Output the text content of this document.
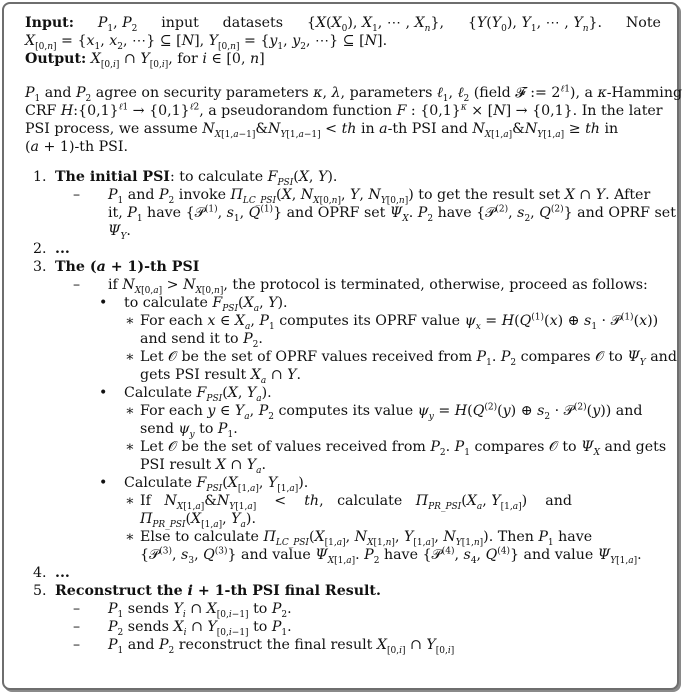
Input: $P_1$, $P_2$ input datasets {$X(X_0)$, $X_1$, ⋯ , $X_n$}, {$Y(Y_0)$, $Y_1$, ⋯ , $Y_n$}. Note
$X_{[0,n]} = \{x_1$, $x_2$, ⋯} ⊆ [N], $Y_{[0,n]} = \{y_1$, $y_2$, ⋯} ⊆ [N].
Output: $X_{[0,i]}$ ∩ $Y_{[0,i]}$, for i ∈ [0, n]
$P_1$ and $P_2$ agree on security parameters κ, λ, parameters ℓ$_1$, ℓ$_2$ (field 𝓕 := $2^{\ell 1}$), a κ-Hamming
CRF $H:\{0,1\}^{\ell 1} \to \{0,1\}^{\ell 2}$, a pseudorandom function F : $\{0,1\}^\kappa \times [N] \to \{0,1\}$. In the later
PSI process, we assume $N_{X[1,a-1]}\&N_{Y[1,a-1]}$ < th in a-th PSI and $N_{X[1,a]}\&N_{Y[1,a]}$ ≥ th in
(a + 1)-th PSI.
1. The initial PSI: to calculate $F_{PSI}(X$, Y).
– $P_1$ and $P_2$ invoke $\Pi_{LC\_PSI}(X$, $N_{X[0,n]}$, Y, $N_{Y[0,n]}$) to get the result set X ∩ Y. After
it, $P_1$ have {𝒫$^{(1)}$, $s_1$, $Q^{(1)}$} and OPRF set $\Psi_X$. $P_2$ have {𝒫$^{(2)}$, $s_2$, $Q^{(2)}$} and OPRF set
$\Psi_Y$.
2. ...
3. The (a + 1)-th PSI
– if $N_{X[0,a]} > N_{X[0,n]}$, the protocol is terminated, otherwise, proceed as follows:
• to calculate $F_{PSI}(X_a$, Y).
∗ For each x ∈ $X_a$, $P_1$ computes its OPRF value $\psi_x = H(Q^{(1)}(x)$ ⊕ $s_1$ · 𝒫$^{(1)}$(x))
and send it to $P_2$.
∗ Let 𝒪 be the set of OPRF values received from $P_1$. $P_2$ compares 𝒪 to $\Psi_Y$ and
gets PSI result $X_a$ ∩ Y.
• Calculate $F_{PSI}(X$, $Y_a$).
∗ For each y ∈ $Y_a$, $P_2$ computes its value $\psi_y = H(Q^{(2)}(y)$ ⊕ $s_2$ · 𝒫$^{(2)}$(y)) and
send $\psi_y$ to $P_1$.
∗ Let 𝒪 be the set of values received from $P_2$. $P_1$ compares 𝒪 to $\Psi_X$ and gets
PSI result X ∩ $Y_a$.
• Calculate $F_{PSI}(X_{[1,a]}$, $Y_{[1,a]}$).
∗ If   $N_{X[1,a]}\&N_{Y[1,a]}$    <    th,   calculate   $\Pi_{PR\_PSI}(X_a$, $Y_{[1,a]}$)    and
$\Pi_{PR\_PSI}(X_{[1,a]}$, $Y_a$).
∗ Else to calculate $\Pi_{LC\_PSI}(X_{[1,a]}$, $N_{X[1,n]}$, $Y_{[1,a]}$, $N_{Y[1,n]}$). Then $P_1$ have
{𝒫$^{(3)}$, $s_3$, $Q^{(3)}$} and value $\Psi_{X[1,a]}$. $P_2$ have {𝒫$^{(4)}$, $s_4$, $Q^{(4)}$} and value $\Psi_{Y[1,a]}$.
4. ...
5. Reconstruct the i + 1-th PSI final Result.
– $P_1$ sends $Y_i$ ∩ $X_{[0,i-1]}$ to $P_2$.
– $P_2$ sends $X_i$ ∩ $Y_{[0,i-1]}$ to $P_1$.
– $P_1$ and $P_2$ reconstruct the final result $X_{[0,i]}$ ∩ $Y_{[0,i]}$
